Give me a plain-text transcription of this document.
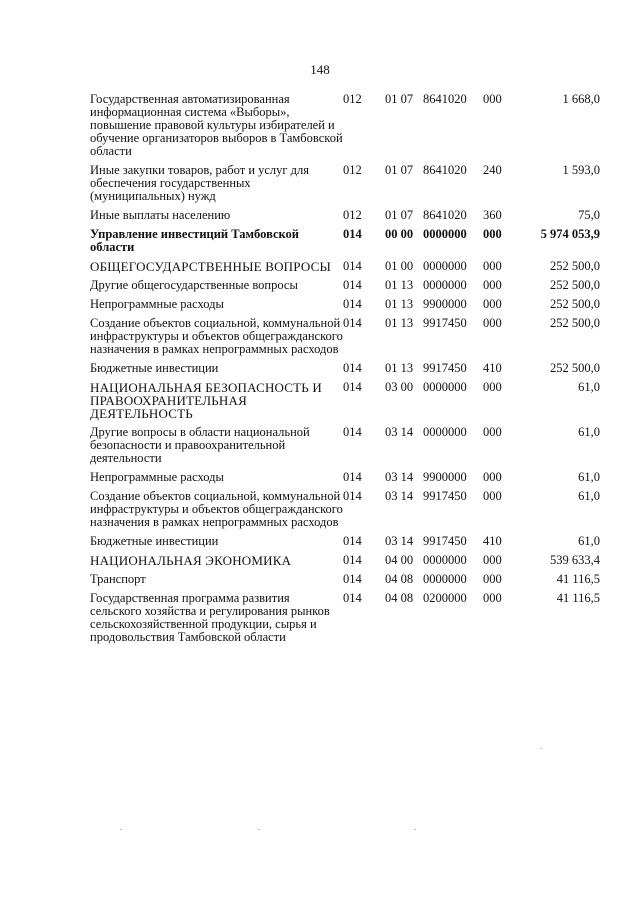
148
Государственная автоматизированная информационная система «Выборы», повышение правовой культуры избирателей и обучение организаторов выборов в Тамбовской области	012	01 07	8641020	000	1 668,0
Иные закупки товаров, работ и услуг для обеспечения государственных (муниципальных) нужд	012	01 07	8641020	240	1 593,0
Иные выплаты населению	012	01 07	8641020	360	75,0
Управление инвестиций Тамбовской области	014	00 00	0000000	000	5 974 053,9
ОБЩЕГОСУДАРСТВЕННЫЕ ВОПРОСЫ	014	01 00	0000000	000	252 500,0
Другие общегосударственные вопросы	014	01 13	0000000	000	252 500,0
Непрограммные расходы	014	01 13	9900000	000	252 500,0
Создание объектов социальной, коммунальной инфраструктуры и объектов общегражданского назначения в рамках непрограммных расходов	014	01 13	9917450	000	252 500,0
Бюджетные инвестиции	014	01 13	9917450	410	252 500,0
НАЦИОНАЛЬНАЯ БЕЗОПАСНОСТЬ И ПРАВООХРАНИТЕЛЬНАЯ ДЕЯТЕЛЬНОСТЬ	014	03 00	0000000	000	61,0
Другие вопросы в области национальной безопасности и правоохранительной деятельности	014	03 14	0000000	000	61,0
Непрограммные расходы	014	03 14	9900000	000	61,0
Создание объектов социальной, коммунальной инфраструктуры и объектов общегражданского назначения в рамках непрограммных расходов	014	03 14	9917450	000	61,0
Бюджетные инвестиции	014	03 14	9917450	410	61,0
НАЦИОНАЛЬНАЯ ЭКОНОМИКА	014	04 00	0000000	000	539 633,4
Транспорт	014	04 08	0000000	000	41 116,5
Государственная программа развития сельского хозяйства и регулирования рынков сельскохозяйственной продукции, сырья и продовольствия Тамбовской области	014	04 08	0200000	000	41 116,5
